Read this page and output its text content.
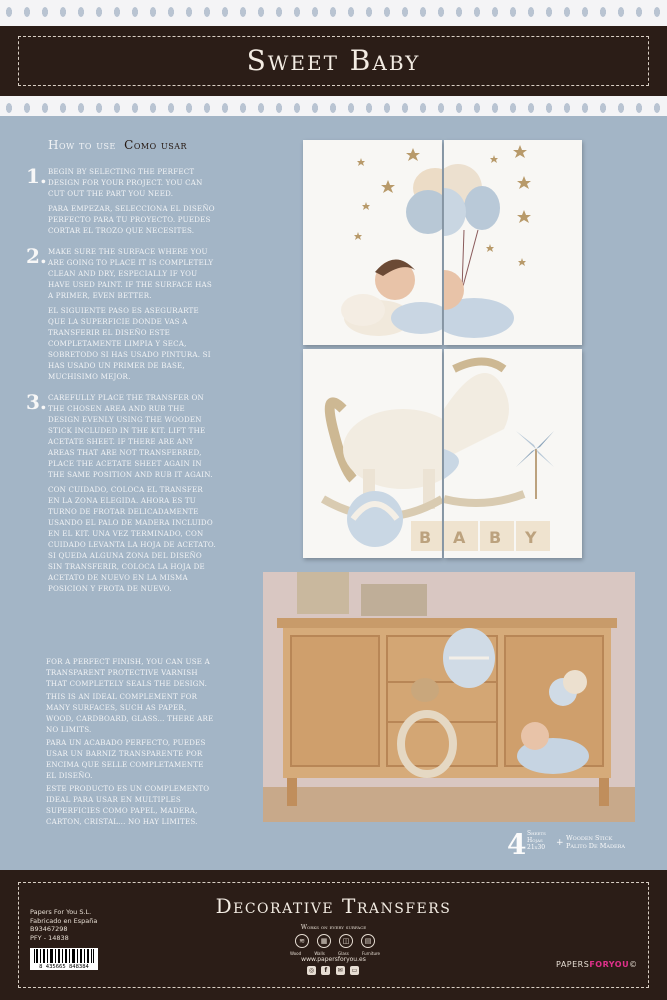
Sweet Baby
How to use Como usar
1. BEGIN BY SELECTING THE PERFECT DESIGN FOR YOUR PROJECT. YOU CAN CUT OUT THE PART YOU NEED.
PARA EMPEZAR, SELECCIONA EL DISEÑO PERFECTO PARA TU PROYECTO. PUEDES CORTAR EL TROZO QUE NECESITES.
2. MAKE SURE THE SURFACE WHERE YOU ARE GOING TO PLACE IT IS COMPLETELY CLEAN AND DRY, ESPECIALLY IF YOU HAVE USED PAINT. IF THE SURFACE HAS A PRIMER, EVEN BETTER.
EL SIGUIENTE PASO ES ASEGURARTE QUE LA SUPERFICIE DONDE VAS A TRANSFERIR EL DISEÑO ESTE COMPLETAMENTE LIMPIA Y SECA, SOBRETODO SI HAS USADO PINTURA. SI HAS USADO UN PRIMER DE BASE, MUCHISIMO MEJOR.
3. CAREFULLY PLACE THE TRANSFER ON THE CHOSEN AREA AND RUB THE DESIGN EVENLY USING THE WOODEN STICK INCLUDED IN THE KIT. LIFT THE ACETATE SHEET. IF THERE ARE ANY AREAS THAT ARE NOT TRANSFERRED, PLACE THE ACETATE SHEET AGAIN IN THE SAME POSITION AND RUB IT AGAIN.
CON CUIDADO, COLOCA EL TRANSFER EN LA ZONA ELEGIDA. AHORA ES TU TURNO DE FROTAR DELICADAMENTE USANDO EL PALO DE MADERA INCLUIDO EN EL KIT. UNA VEZ TERMINADO, CON CUIDADO LEVANTA LA HOJA DE ACETATO. SI QUEDA ALGUNA ZONA DEL DISEÑO SIN TRANSFERIR, COLOCA LA HOJA DE ACETATO DE NUEVO EN LA MISMA POSICION Y FROTA DE NUEVO.
FOR A PERFECT FINISH, YOU CAN USE A TRANSPARENT PROTECTIVE VARNISH THAT COMPLETELY SEALS THE DESIGN.
THIS IS AN IDEAL COMPLEMENT FOR MANY SURFACES, SUCH AS PAPER, WOOD, CARDBOARD, GLASS... THERE ARE NO LIMITS.
PARA UN ACABADO PERFECTO, PUEDES USAR UN BARNIZ TRANSPARENTE POR ENCIMA QUE SELLE COMPLETAMENTE EL DISEÑO.
ESTE PRODUCTO ES UN COMPLEMENTO IDEAL PARA USAR EN MULTIPLES SUPERFICIES COMO PAPEL, MADERA, CARTON, CRISTAL... NO HAY LIMITES.
B A B Y
4 Sheets
Hojas
21x30	+ Wooden Stick
Palito De Madera
Decorative Transfers
Papers For You S.L.
Fabricado en España
B93467298
PFY - 14838
8 435665 848384
Works on every surface
≋	▦	◫	▤
Wood	Walls	Glass	Furniture
www.papersforyou.es
◎	f	✉	▭
PAPERSFORYOU©
